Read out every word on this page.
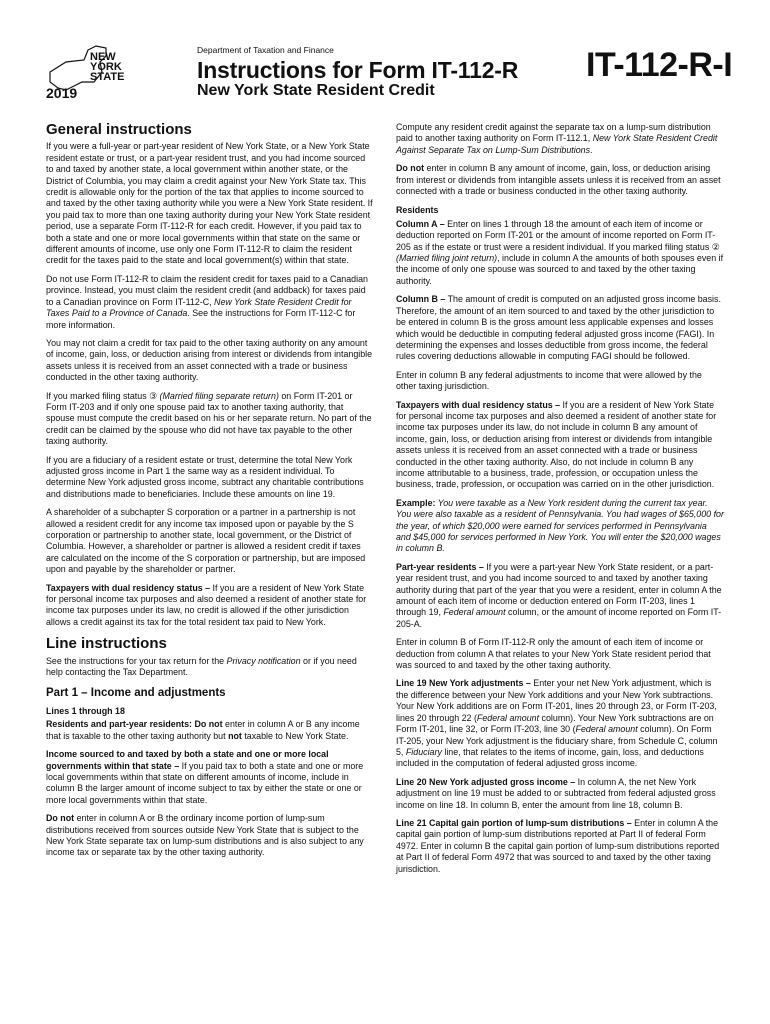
NEW
YORK
STATE
2019
Department of Taxation and Finance
Instructions for Form IT-112-R
New York State Resident Credit
IT-112-R-I
General instructions

If you were a full-year or part-year resident of New York State, or a New York State resident estate or trust, or a part-year resident trust, and you had income sourced to and taxed by another state, a local government within another state, or the District of Columbia, you may claim a credit against your New York State tax. This credit is allowable only for the portion of the tax that applies to income sourced to and taxed by the other taxing authority while you were a New York State resident. If you paid tax to more than one taxing authority during your New York State resident period, use a separate Form IT-112-R for each credit. However, if you paid tax to both a state and one or more local governments within that state on the same or different amounts of income, use only one Form IT-112-R to claim the resident credit for the taxes paid to the state and local government(s) within that state.

Do not use Form IT-112-R to claim the resident credit for taxes paid to a Canadian province. Instead, you must claim the resident credit (and addback) for taxes paid to a Canadian province on Form IT-112-C, New York State Resident Credit for Taxes Paid to a Province of Canada. See the instructions for Form IT-112-C for more information.

You may not claim a credit for tax paid to the other taxing authority on any amount of income, gain, loss, or deduction arising from interest or dividends from intangible assets unless it is received from an asset connected with a trade or business conducted in the other taxing authority.

If you marked filing status ③ (Married filing separate return) on Form IT-201 or Form IT-203 and if only one spouse paid tax to another taxing authority, that spouse must compute the credit based on his or her separate return. No part of the credit can be claimed by the spouse who did not have tax payable to the other taxing authority.

If you are a fiduciary of a resident estate or trust, determine the total New York adjusted gross income in Part 1 the same way as a resident individual. To determine New York adjusted gross income, subtract any charitable contributions and distributions made to beneficiaries. Include these amounts on line 19.

A shareholder of a subchapter S corporation or a partner in a partnership is not allowed a resident credit for any income tax imposed upon or payable by the S corporation or partnership to another state, local government, or the District of Columbia. However, a shareholder or partner is allowed a resident credit if taxes are calculated on the income of the S corporation or partnership, but are imposed upon and payable by the shareholder or partner.

Taxpayers with dual residency status – If you are a resident of New York State for personal income tax purposes and also deemed a resident of another state for income tax purposes under its law, no credit is allowed if the other jurisdiction allows a credit against its tax for the total resident tax paid to New York.

Line instructions

See the instructions for your tax return for the Privacy notification or if you need help contacting the Tax Department.

Part 1 – Income and adjustments
Lines 1 through 18

Residents and part-year residents: Do not enter in column A or B any income that is taxable to the other taxing authority but not taxable to New York State.

Income sourced to and taxed by both a state and one or more local governments within that state – If you paid tax to both a state and one or more local governments within that state on different amounts of income, include in column B the larger amount of income subject to tax by either the state or one or more local governments within that state.

Do not enter in column A or B the ordinary income portion of lump-sum distributions received from sources outside New York State that is subject to the New York State separate tax on lump-sum distributions and is also subject to any income tax or separate tax by the other taxing authority.

Compute any resident credit against the separate tax on a lump-sum distribution paid to another taxing authority on Form IT-112.1, New York State Resident Credit Against Separate Tax on Lump-Sum Distributions.

Do not enter in column B any amount of income, gain, loss, or deduction arising from interest or dividends from intangible assets unless it is received from an asset connected with a trade or business conducted in the other taxing authority.

Residents

Column A – Enter on lines 1 through 18 the amount of each item of income or deduction reported on Form IT-201 or the amount of income reported on Form IT-205 as if the estate or trust were a resident individual. If you marked filing status ② (Married filing joint return), include in column A the amounts of both spouses even if the income of only one spouse was sourced to and taxed by the other taxing authority.

Column B – The amount of credit is computed on an adjusted gross income basis. Therefore, the amount of an item sourced to and taxed by the other jurisdiction to be entered in column B is the gross amount less applicable expenses and losses which would be deductible in computing federal adjusted gross income (FAGI). In determining the expenses and losses deductible from gross income, the federal rules covering deductions allowable in computing FAGI should be followed.

Enter in column B any federal adjustments to income that were allowed by the other taxing jurisdiction.

Taxpayers with dual residency status – If you are a resident of New York State for personal income tax purposes and also deemed a resident of another state for income tax purposes under its law, do not include in column B any amount of income, gain, loss, or deduction arising from interest or dividends from intangible assets unless it is received from an asset connected with a trade or business conducted in the other taxing authority. Also, do not include in column B any income attributable to a business, trade, profession, or occupation unless the business, trade, profession, or occupation was carried on in the other jurisdiction.

Example: You were taxable as a New York resident during the current tax year. You were also taxable as a resident of Pennsylvania. You had wages of $65,000 for the year, of which $20,000 were earned for services performed in Pennsylvania and $45,000 for services performed in New York. You will enter the $20,000 wages in column B.

Part-year residents – If you were a part-year New York State resident, or a part-year resident trust, and you had income sourced to and taxed by another taxing authority during that part of the year that you were a resident, enter in column A the amount of each item of income or deduction entered on Form IT-203, lines 1 through 19, Federal amount column, or the amount of income reported on Form IT-205-A.

Enter in column B of Form IT-112-R only the amount of each item of income or deduction from column A that relates to your New York State resident period that was sourced to and taxed by the other taxing authority.

Line 19 New York adjustments – Enter your net New York adjustment, which is the difference between your New York additions and your New York subtractions. Your New York additions are on Form IT-201, lines 20 through 23, or Form IT-203, lines 20 through 22 (Federal amount column). Your New York subtractions are on Form IT-201, line 32, or Form IT-203, line 30 (Federal amount column). On Form IT-205, your New York adjustment is the fiduciary share, from Schedule C, column 5, Fiduciary line, that relates to the items of income, gain, loss, and deductions included in the computation of federal adjusted gross income.

Line 20 New York adjusted gross income – In column A, the net New York adjustment on line 19 must be added to or subtracted from federal adjusted gross income on line 18. In column B, enter the amount from line 18, column B.

Line 21 Capital gain portion of lump-sum distributions – Enter in column A the capital gain portion of lump-sum distributions reported at Part II of federal Form 4972. Enter in column B the capital gain portion of lump-sum distributions reported at Part II of federal Form 4972 that was sourced to and taxed by the other taxing jurisdiction.
